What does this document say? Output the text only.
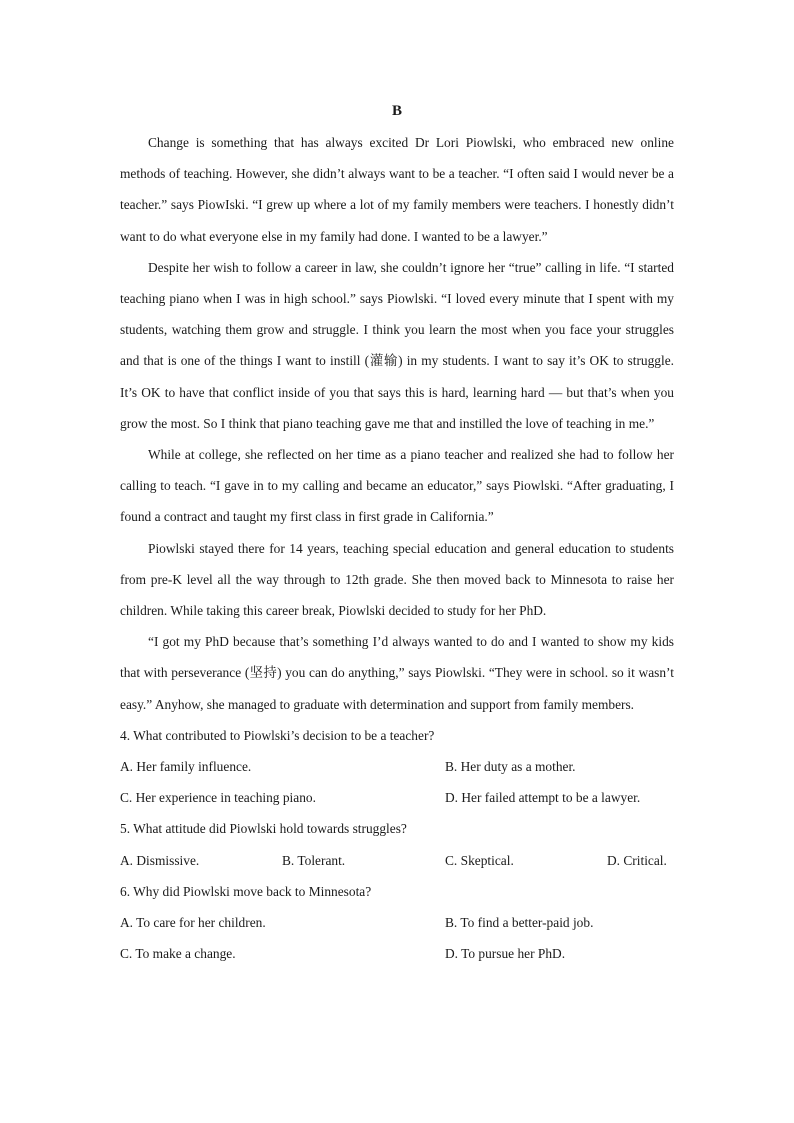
B

Change is something that has always excited Dr Lori Piowlski, who embraced new online methods of teaching. However, she didn’t always want to be a teacher. “I often said I would never be a teacher.” says PiowIski. “I grew up where a lot of my family members were teachers. I honestly didn’t want to do what everyone else in my family had done. I wanted to be a lawyer.”

Despite her wish to follow a career in law, she couldn’t ignore her “true” calling in life. “I started teaching piano when I was in high school.” says Piowlski. “I loved every minute that I spent with my students, watching them grow and struggle. I think you learn the most when you face your struggles and that is one of the things I want to instill (灌输) in my students. I want to say it’s OK to struggle. It’s OK to have that conflict inside of you that says this is hard, learning hard — but that’s when you grow the most. So I think that piano teaching gave me that and instilled the love of teaching in me.”

While at college, she reflected on her time as a piano teacher and realized she had to follow her calling to teach. “I gave in to my calling and became an educator,” says Piowlski. “After graduating, I found a contract and taught my first class in first grade in California.”

Piowlski stayed there for 14 years, teaching special education and general education to students from pre-K level all the way through to 12th grade. She then moved back to Minnesota to raise her children. While taking this career break, Piowlski decided to study for her PhD.

“I got my PhD because that’s something I’d always wanted to do and I wanted to show my kids that with perseverance (坚持) you can do anything,” says Piowlski. “They were in school. so it wasn’t easy.” Anyhow, she managed to graduate with determination and support from family members.

4. What contributed to Piowlski’s decision to be a teacher?

A. Her family influence.	B. Her duty as a mother.
C. Her experience in teaching piano.	D. Her failed attempt to be a lawyer.

5. What attitude did Piowlski hold towards struggles?

A. Dismissive.	B. Tolerant.	C. Skeptical.	D. Critical.

6. Why did Piowlski move back to Minnesota?

A. To care for her children.	B. To find a better-paid job.
C. To make a change.	D. To pursue her PhD.
